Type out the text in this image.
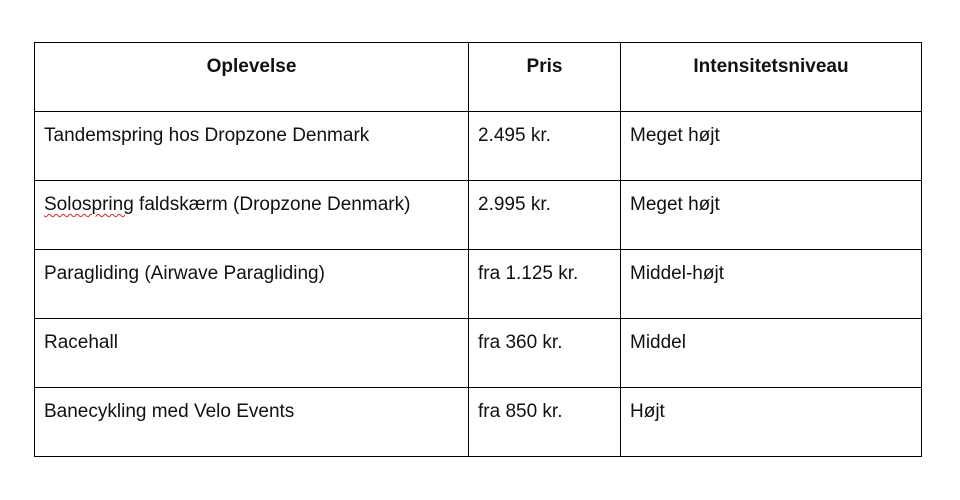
Oplevelse	Pris	Intensitetsniveau
Tandemspring hos Dropzone Denmark	2.495 kr.	Meget højt
Solospring faldskærm (Dropzone Denmark)	2.995 kr.	Meget højt
Paragliding (Airwave Paragliding)	fra 1.125 kr.	Middel-højt
Racehall	fra 360 kr.	Middel
Banecykling med Velo Events	fra 850 kr.	Højt
